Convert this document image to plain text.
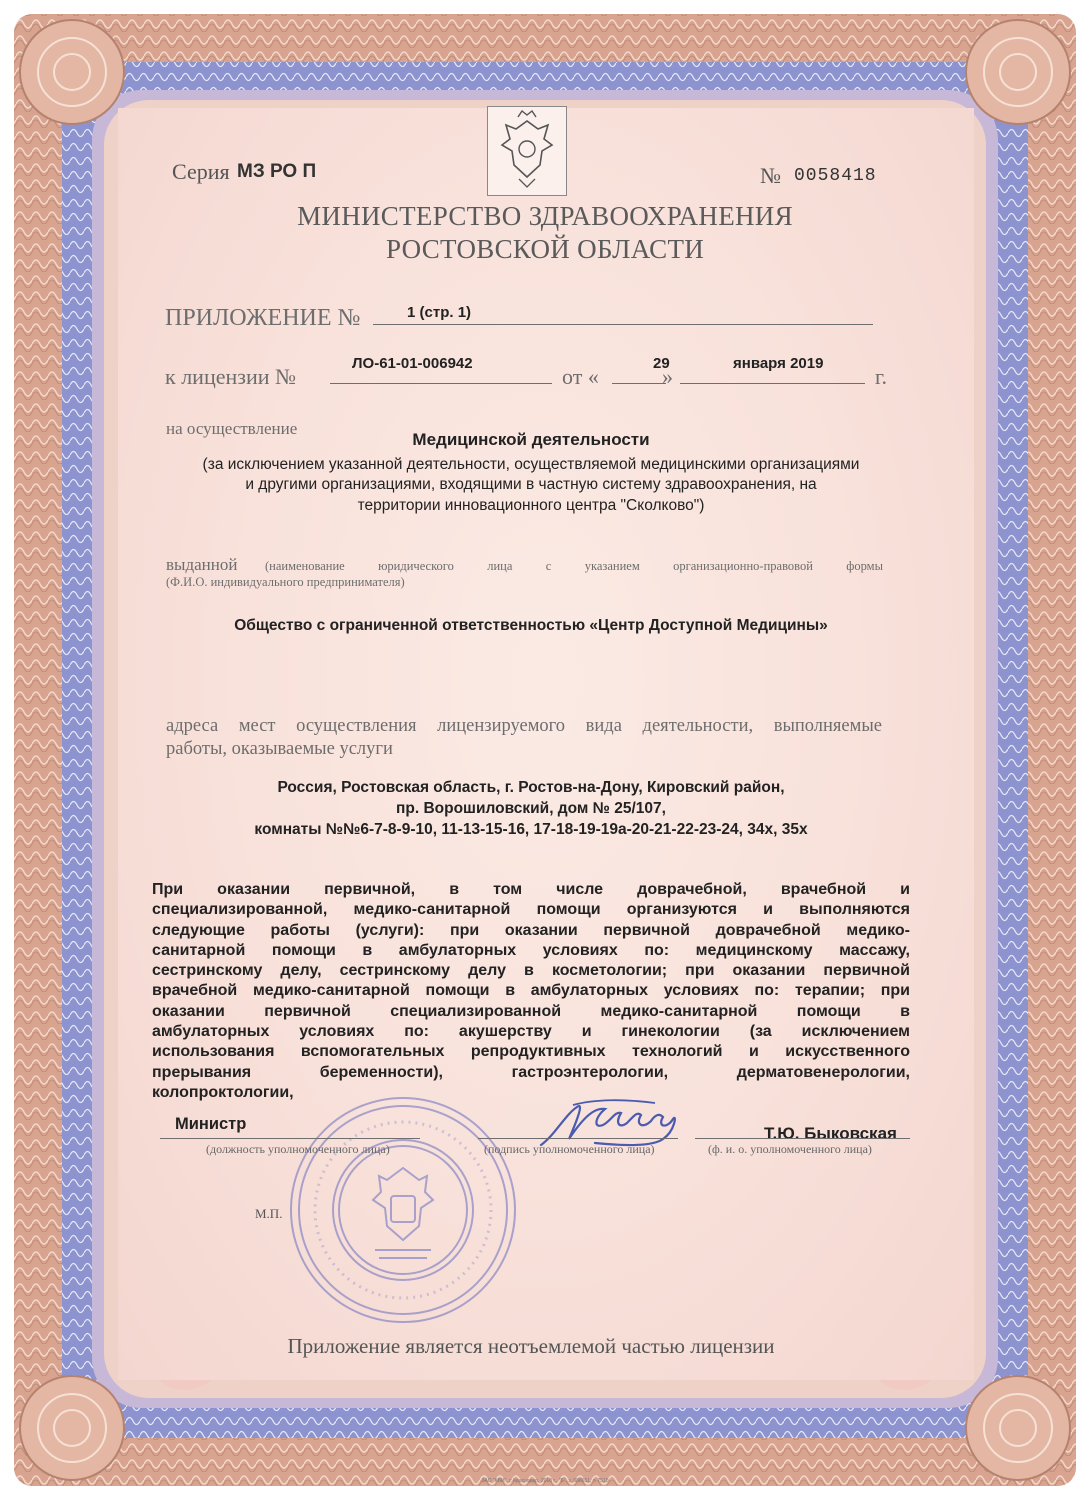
Серия МЗ РО П	№ 0058418
МИНИСТЕРСТВО ЗДРАВООХРАНЕНИЯ
РОСТОВСКОЙ ОБЛАСТИ
ПРИЛОЖЕНИЕ №	1 (стр. 1)
к лицензии №
ЛО-61-01-006942
от «
29
»
января 2019
г.
на осуществление
Медицинской деятельности
(за исключением указанной деятельности, осуществляемой медицинскими организациями
и другими организациями, входящими в частную систему здравоохранения, на
территории инновационного центра "Сколково")
выданной (наименование юридического лица с указанием организационно-правовой формы
(Ф.И.О. индивидуального предпринимателя)
Общество с ограниченной ответственностью «Центр Доступной Медицины»
адреса мест осуществления лицензируемого вида деятельности, выполняемые
работы, оказываемые услуги
Россия, Ростовская область, г. Ростов-на-Дону, Кировский район,
пр. Ворошиловский, дом № 25/107,
комнаты №№6-7-8-9-10, 11-13-15-16, 17-18-19-19а-20-21-22-23-24, 34х, 35х
При оказании первичной, в том числе доврачебной, врачебной и
специализированной, медико-санитарной помощи организуются и выполняются
следующие работы (услуги): при оказании первичной доврачебной медико-
санитарной помощи в амбулаторных условиях по: медицинскому массажу,
сестринскому делу, сестринскому делу в косметологии; при оказании первичной
врачебной медико-санитарной помощи в амбулаторных условиях по: терапии; при
оказании первичной специализированной медико-санитарной помощи в
амбулаторных условиях по: акушерству и гинекологии (за исключением
использования вспомогательных репродуктивных технологий и искусственного
прерывания беременности), гастроэнтерологии, дерматовенерологии,
колопроктологии,
Министр
(должность уполномоченного лица)	(подпись уполномоченного лица)
Т.Ю. Быковская
(ф. и. о. уполномоченного лица)
М.П.
Приложение является неотъемлемой частью лицензии
ЗАО "КВИ", г. Краснодар, 2018 г., "Б", з. 688651, т. 7510
